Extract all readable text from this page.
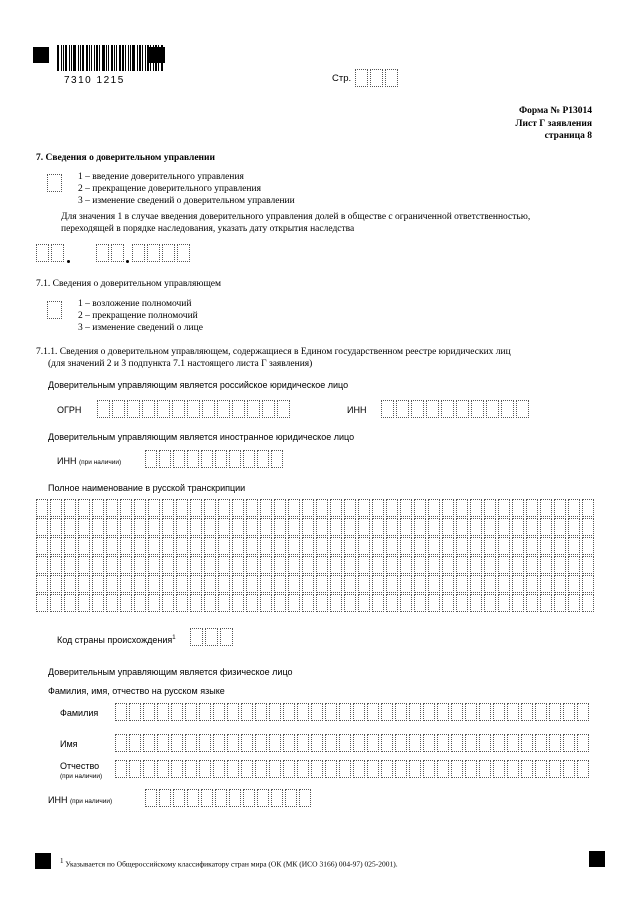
7310 1215	Стр.
Форма № Р13014
Лист Г заявления
страница 8
7. Сведения о доверительном управлении
1 – введение доверительного управления
2 – прекращение доверительного управления
3 – изменение сведений о доверительном управлении
Для значения 1 в случае введения доверительного управления долей в обществе с ограниченной ответственностью,
переходящей в порядке наследования, указать дату открытия наследства
7.1. Сведения о доверительном управляющем
1 – возложение полномочий
2 – прекращение полномочий
3 – изменение сведений о лице
7.1.1. Сведения о доверительном управляющем, содержащиеся в Едином государственном реестре юридических лиц
(для значений 2 и 3 подпункта 7.1 настоящего листа Г заявления)
Доверительным управляющим является российское юридическое лицо
ОГРН	ИНН
Доверительным управляющим является иностранное юридическое лицо
ИНН (при наличии)
Полное наименование в русской транскрипции
Код страны происхождения$^1$
Доверительным управляющим является физическое лицо
Фамилия, имя, отчество на русском языке
Фамилия
Имя
Отчество
(при наличии)
ИНН (при наличии)
$^1$ Указывается по Общероссийскому классификатору стран мира (ОК (МК (ИСО 3166) 004-97) 025-2001).
